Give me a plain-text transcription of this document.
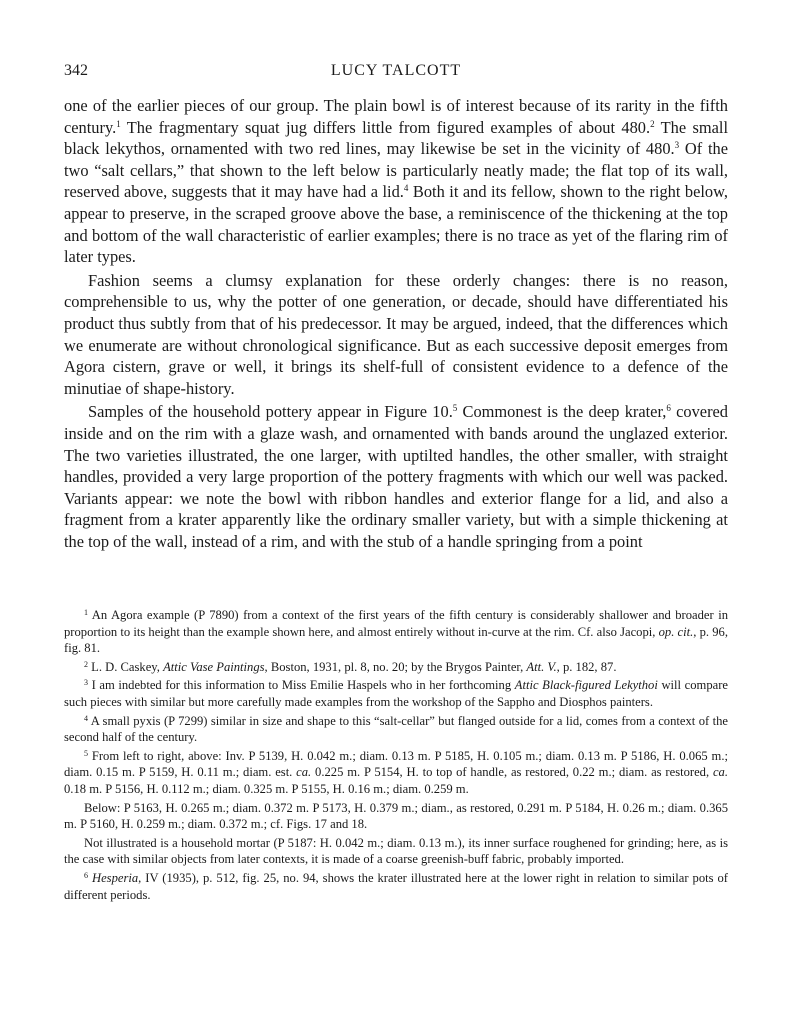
342	LUCY TALCOTT

one of the earlier pieces of our group. The plain bowl is of interest because of its rarity in the fifth century.$^1$ The fragmentary squat jug differs little from figured examples of about 480.$^2$ The small black lekythos, ornamented with two red lines, may likewise be set in the vicinity of 480.$^3$ Of the two “salt cellars,” that shown to the left below is particularly neatly made; the flat top of its wall, reserved above, suggests that it may have had a lid.$^4$ Both it and its fellow, shown to the right below, appear to preserve, in the scraped groove above the base, a reminiscence of the thickening at the top and bottom of the wall characteristic of earlier examples; there is no trace as yet of the flaring rim of later types.

Fashion seems a clumsy explanation for these orderly changes: there is no reason, comprehensible to us, why the potter of one generation, or decade, should have differentiated his product thus subtly from that of his predecessor. It may be argued, indeed, that the differences which we enumerate are without chronological significance. But as each successive deposit emerges from Agora cistern, grave or well, it brings its shelf-full of consistent evidence to a defence of the minutiae of shape-history.

Samples of the household pottery appear in Figure 10.$^5$ Commonest is the deep krater,$^6$ covered inside and on the rim with a glaze wash, and ornamented with bands around the unglazed exterior. The two varieties illustrated, the one larger, with uptilted handles, the other smaller, with straight handles, provided a very large proportion of the pottery fragments with which our well was packed. Variants appear: we note the bowl with ribbon handles and exterior flange for a lid, and also a fragment from a krater apparently like the ordinary smaller variety, but with a simple thickening at the top of the wall, instead of a rim, and with the stub of a handle springing from a point

$^1$ An Agora example (P 7890) from a context of the first years of the fifth century is considerably shallower and broader in proportion to its height than the example shown here, and almost entirely without in-curve at the rim. Cf. also Jacopi, op. cit., p. 96, fig. 81.

$^2$ L. D. Caskey, Attic Vase Paintings, Boston, 1931, pl. 8, no. 20; by the Brygos Painter, Att. V., p. 182, 87.

$^3$ I am indebted for this information to Miss Emilie Haspels who in her forthcoming Attic Black-figured Lekythoi will compare such pieces with similar but more carefully made examples from the workshop of the Sappho and Diosphos painters.

$^4$ A small pyxis (P 7299) similar in size and shape to this “salt-cellar” but flanged outside for a lid, comes from a context of the second half of the century.

$^5$ From left to right, above: Inv. P 5139, H. 0.042 m.; diam. 0.13 m. P 5185, H. 0.105 m.; diam. 0.13 m. P 5186, H. 0.065 m.; diam. 0.15 m. P 5159, H. 0.11 m.; diam. est. ca. 0.225 m. P 5154, H. to top of handle, as restored, 0.22 m.; diam. as restored, ca. 0.18 m. P 5156, H. 0.112 m.; diam. 0.325 m. P 5155, H. 0.16 m.; diam. 0.259 m.

Below: P 5163, H. 0.265 m.; diam. 0.372 m. P 5173, H. 0.379 m.; diam., as restored, 0.291 m. P 5184, H. 0.26 m.; diam. 0.365 m. P 5160, H. 0.259 m.; diam. 0.372 m.; cf. Figs. 17 and 18.

Not illustrated is a household mortar (P 5187: H. 0.042 m.; diam. 0.13 m.), its inner surface roughened for grinding; here, as is the case with similar objects from later contexts, it is made of a coarse greenish-buff fabric, probably imported.

$^6$ Hesperia, IV (1935), p. 512, fig. 25, no. 94, shows the krater illustrated here at the lower right in relation to similar pots of different periods.
